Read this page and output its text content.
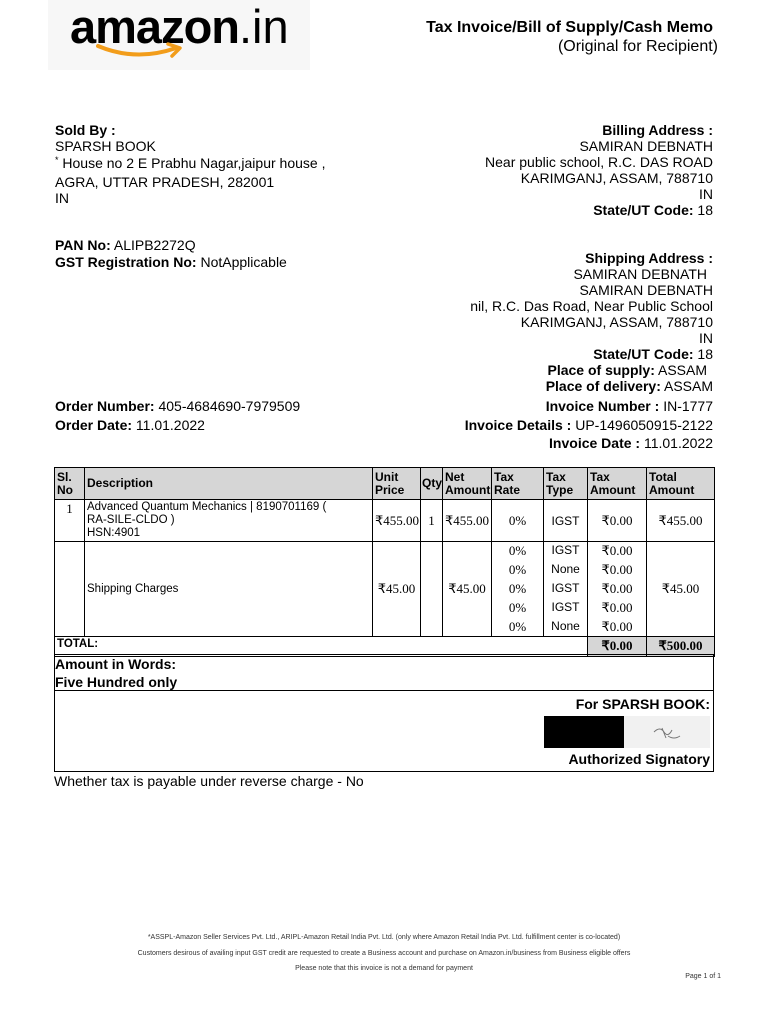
amazon.in	Tax Invoice/Bill of Supply/Cash Memo
(Original for Recipient)
Sold By :
SPARSH BOOK
* House no 2 E Prabhu Nagar,jaipur house ,
AGRA, UTTAR PRADESH, 282001
IN
PAN No: ALIPB2272Q
GST Registration No: NotApplicable
Billing Address :
SAMIRAN DEBNATH
Near public school, R.C. DAS ROAD
KARIMGANJ, ASSAM, 788710
IN
State/UT Code: 18
Shipping Address :
SAMIRAN DEBNATH
SAMIRAN DEBNATH
nil, R.C. Das Road, Near Public School
KARIMGANJ, ASSAM, 788710
IN
State/UT Code: 18
Place of supply: ASSAM
Place of delivery: ASSAM
Order Number: 405-4684690-7979509
Order Date: 11.01.2022
Invoice Number : IN-1777
Invoice Details : UP-1496050915-2122
Invoice Date : 11.01.2022
Sl. No	Description	Unit Price	Qty	Net Amount	Tax Rate	Tax Type	Tax Amount	Total Amount
1	Advanced Quantum Mechanics | 8190701169 (
RA-SILE-CLDO )
HSN:4901	₹455.00	1	₹455.00	0%	IGST	₹0.00	₹455.00
	Shipping Charges	₹45.00		₹45.00	0%	IGST	₹0.00	₹45.00
					0%	None	₹0.00	
					0%	IGST	₹0.00	
					0%	IGST	₹0.00	
					0%	None	₹0.00	
TOTAL:							₹0.00	₹500.00
Amount in Words:
Five Hundred only
For SPARSH BOOK:
Authorized Signatory
Whether tax is payable under reverse charge - No
*ASSPL-Amazon Seller Services Pvt. Ltd., ARIPL-Amazon Retail India Pvt. Ltd. (only where Amazon Retail India Pvt. Ltd. fulfillment center is co-located)
Customers desirous of availing input GST credit are requested to create a Business account and purchase on Amazon.in/business from Business eligible offers
Please note that this invoice is not a demand for payment
Page 1 of 1
